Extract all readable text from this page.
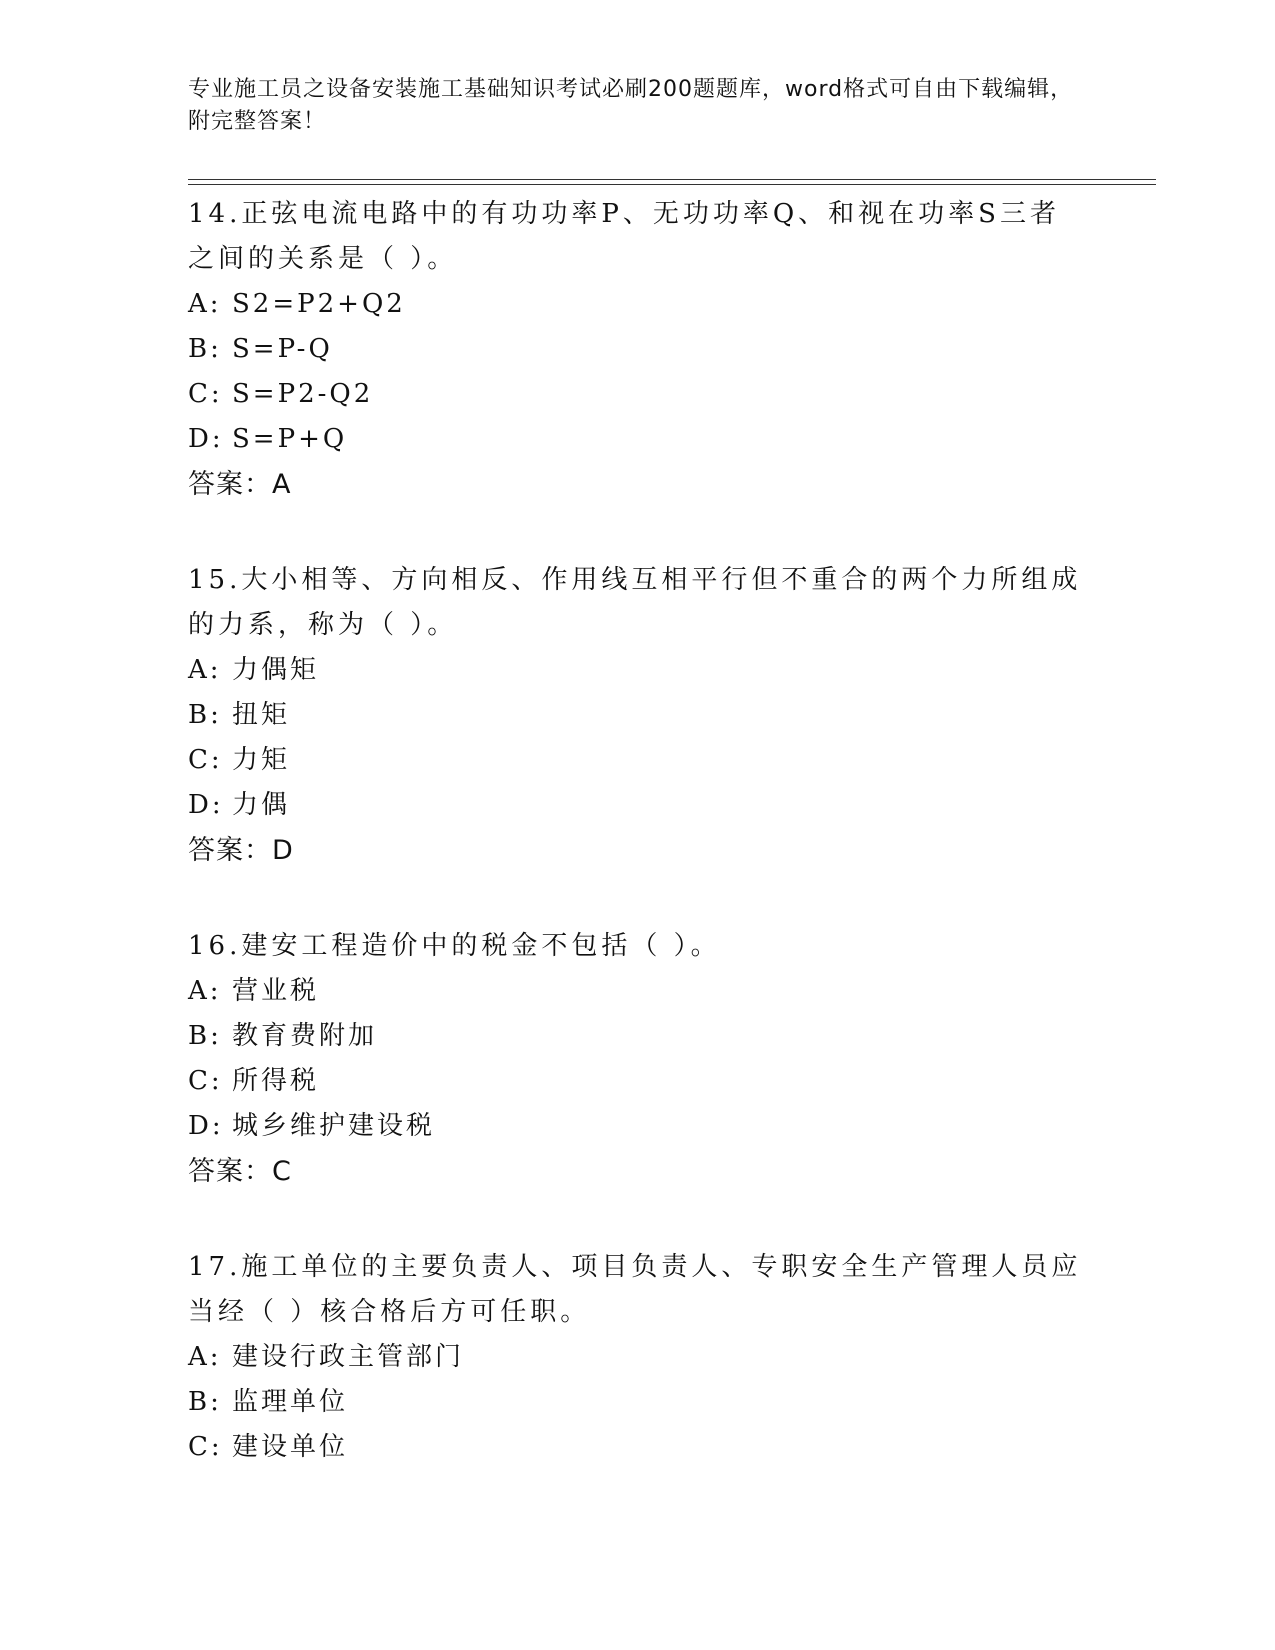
专业施工员之设备安装施工基础知识考试必刷200题题库，word格式可自由下载编辑，附完整答案！

14.正弦电流电路中的有功功率P、无功功率Q、和视在功率S三者之间的关系是（ ）。

A: S2=P2+Q2

B: S=P-Q

C: S=P2-Q2

D: S=P+Q

答案：A

15.大小相等、方向相反、作用线互相平行但不重合的两个力所组成的力系，称为（ ）。

A: 力偶矩

B: 扭矩

C: 力矩

D: 力偶

答案：D

16.建安工程造价中的税金不包括（ ）。

A: 营业税

B: 教育费附加

C: 所得税

D: 城乡维护建设税

答案：C

17.施工单位的主要负责人、项目负责人、专职安全生产管理人员应当经（ ）核合格后方可任职。

A: 建设行政主管部门

B: 监理单位

C: 建设单位
